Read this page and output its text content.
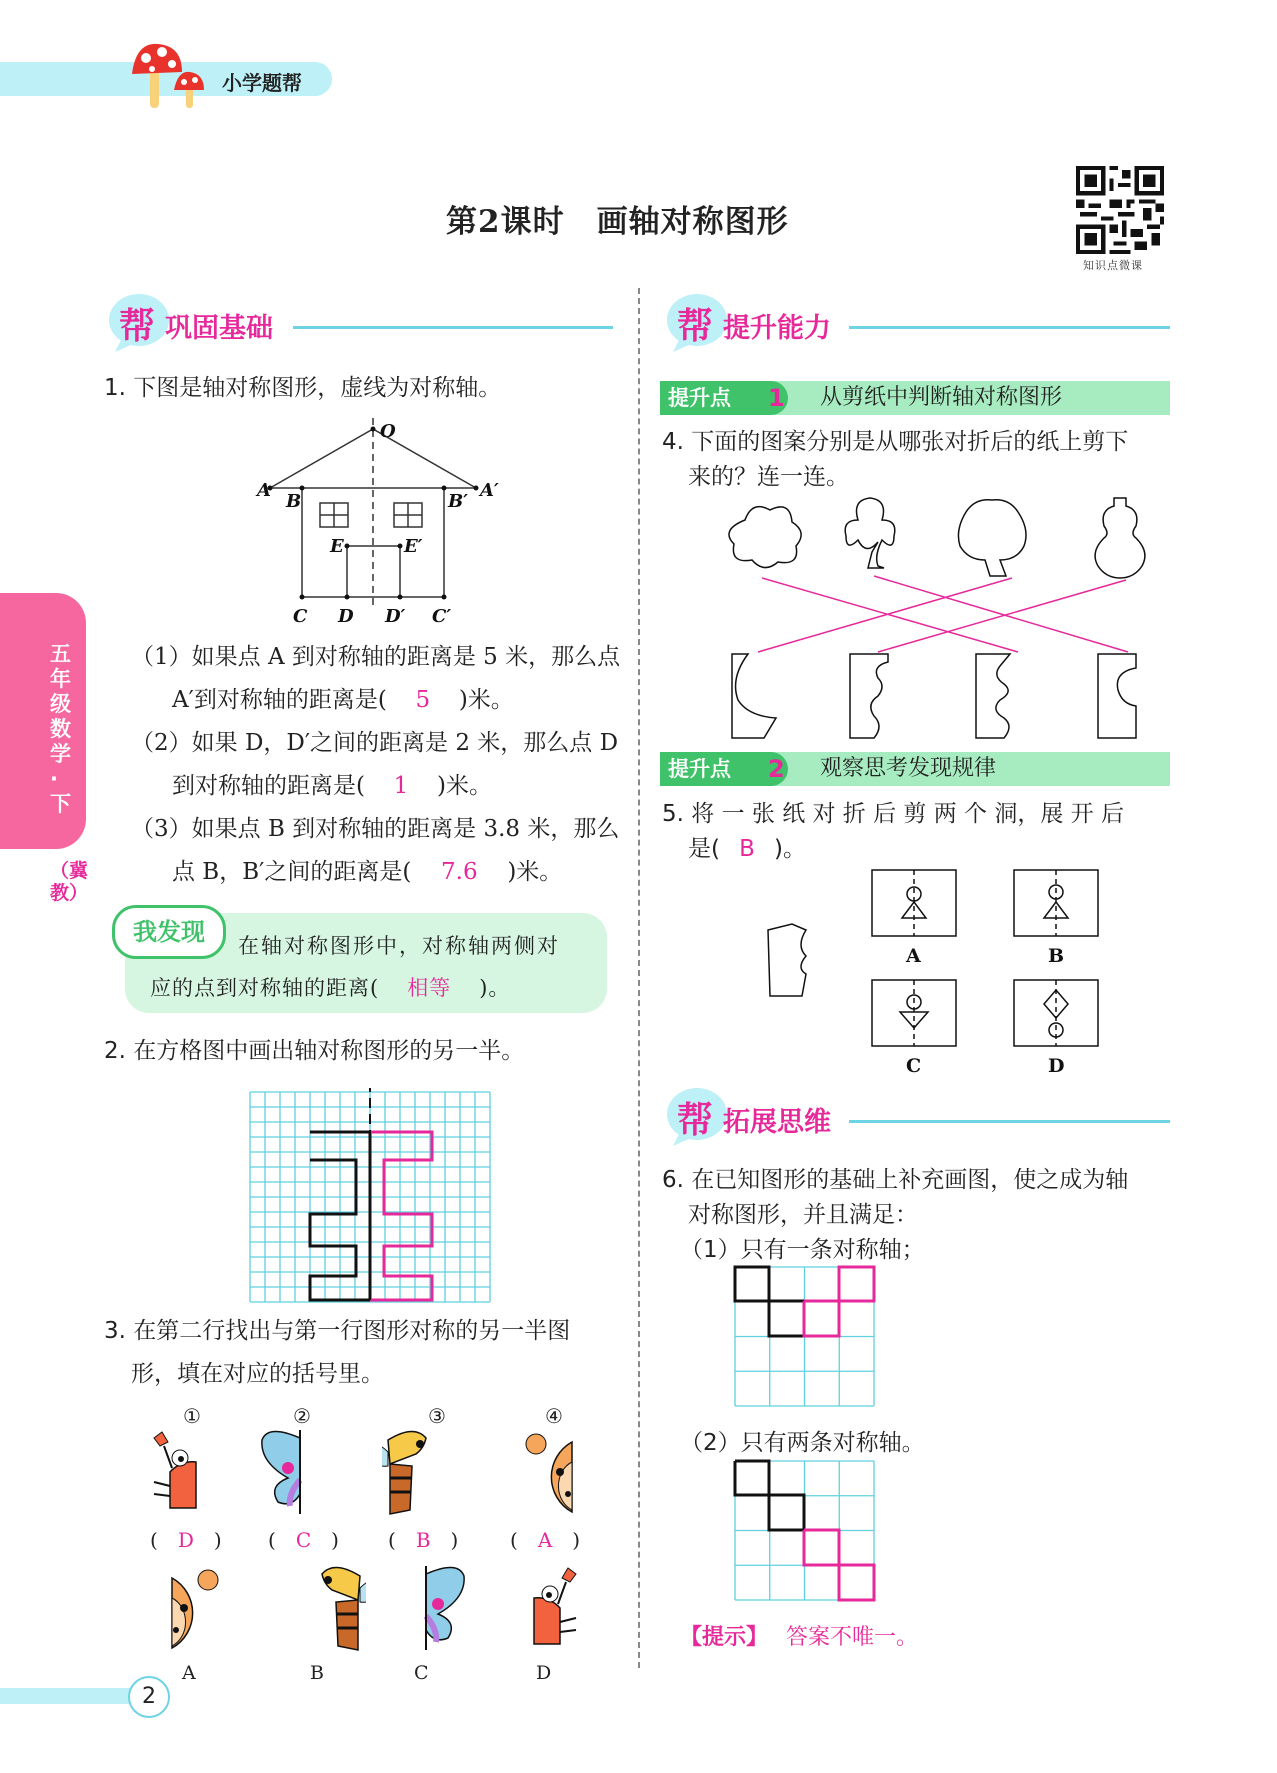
小学题帮
第2课时　画轴对称图形
知识点微课
五年级数学·下
（冀教）
帮 巩固基础
1. 下图是轴对称图形，虚线为对称轴。
O
A	A′
B	B′
C	C′
D D′
E	E′
（1）如果点 A 到对称轴的距离是 5 米，那么点
A′到对称轴的距离是( 5 )米。
（2）如果 D，D′之间的距离是 2 米，那么点 D
到对称轴的距离是( 1 )米。
（3）如果点 B 到对称轴的距离是 3.8 米，那么
点 B，B′之间的距离是( 7.6 )米。
我发现	在轴对称图形中，对称轴两侧对
应的点到对称轴的距离( 相等 )。
2. 在方格图中画出轴对称图形的另一半。
3. 在第二行找出与第一行图形对称的另一半图
形，填在对应的括号里。
①	②	③	④
(　D　) (　C　) (　B　)	(　A　)
A	B	C	D
2
帮 提升能力
提升点	1 从剪纸中判断轴对称图形
4. 下面的图案分别是从哪张对折后的纸上剪下
来的？连一连。
提升点	2 观察思考发现规律
5. 将 一 张 纸 对 折 后 剪 两 个 洞，展 开 后
是( B )。
A	B
C	D
帮 拓展思维
6. 在已知图形的基础上补充画图，使之成为轴
对称图形，并且满足：
（1）只有一条对称轴；
（2）只有两条对称轴。
【提示】 答案不唯一。
